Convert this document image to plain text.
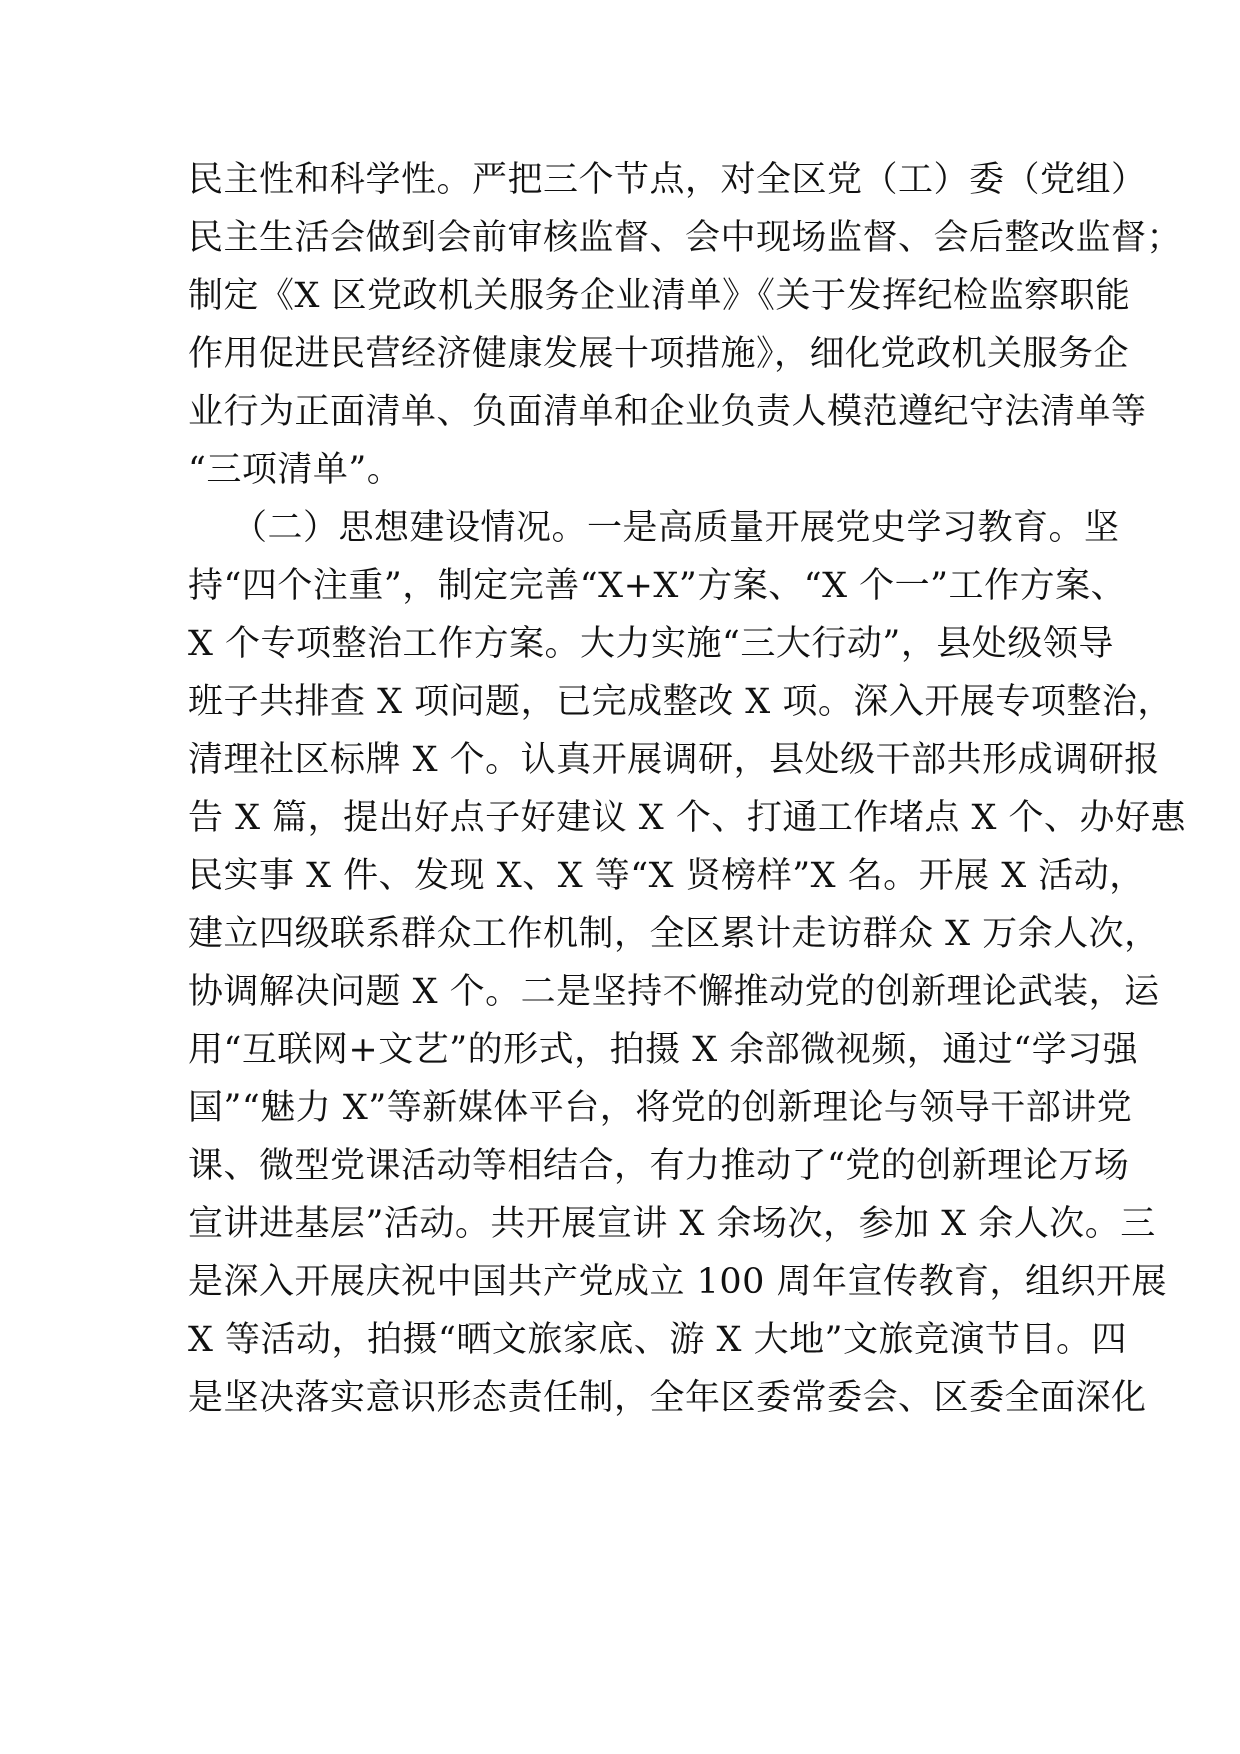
民主性和科学性。严把三个节点，对全区党（工）委（党组）
民主生活会做到会前审核监督、会中现场监督、会后整改监督；
制定《X 区党政机关服务企业清单》《关于发挥纪检监察职能
作用促进民营经济健康发展十项措施》，细化党政机关服务企
业行为正面清单、负面清单和企业负责人模范遵纪守法清单等
“三项清单”。
（二）思想建设情况。一是高质量开展党史学习教育。坚
持“四个注重”，制定完善“X+X”方案、“X 个一”工作方案、
X 个专项整治工作方案。大力实施“三大行动”，县处级领导
班子共排查 X 项问题，已完成整改 X 项。深入开展专项整治，
清理社区标牌 X 个。认真开展调研，县处级干部共形成调研报
告 X 篇，提出好点子好建议 X 个、打通工作堵点 X 个、办好惠
民实事 X 件、发现 X、X 等“X 贤榜样”X 名。开展 X 活动，
建立四级联系群众工作机制，全区累计走访群众 X 万余人次，
协调解决问题 X 个。二是坚持不懈推动党的创新理论武装，运
用“互联网+文艺”的形式，拍摄 X 余部微视频，通过“学习强
国”“魅力 X”等新媒体平台，将党的创新理论与领导干部讲党
课、微型党课活动等相结合，有力推动了“党的创新理论万场
宣讲进基层”活动。共开展宣讲 X 余场次，参加 X 余人次。三
是深入开展庆祝中国共产党成立 100 周年宣传教育，组织开展
X 等活动，拍摄“晒文旅家底、游 X 大地”文旅竞演节目。四
是坚决落实意识形态责任制，全年区委常委会、区委全面深化
